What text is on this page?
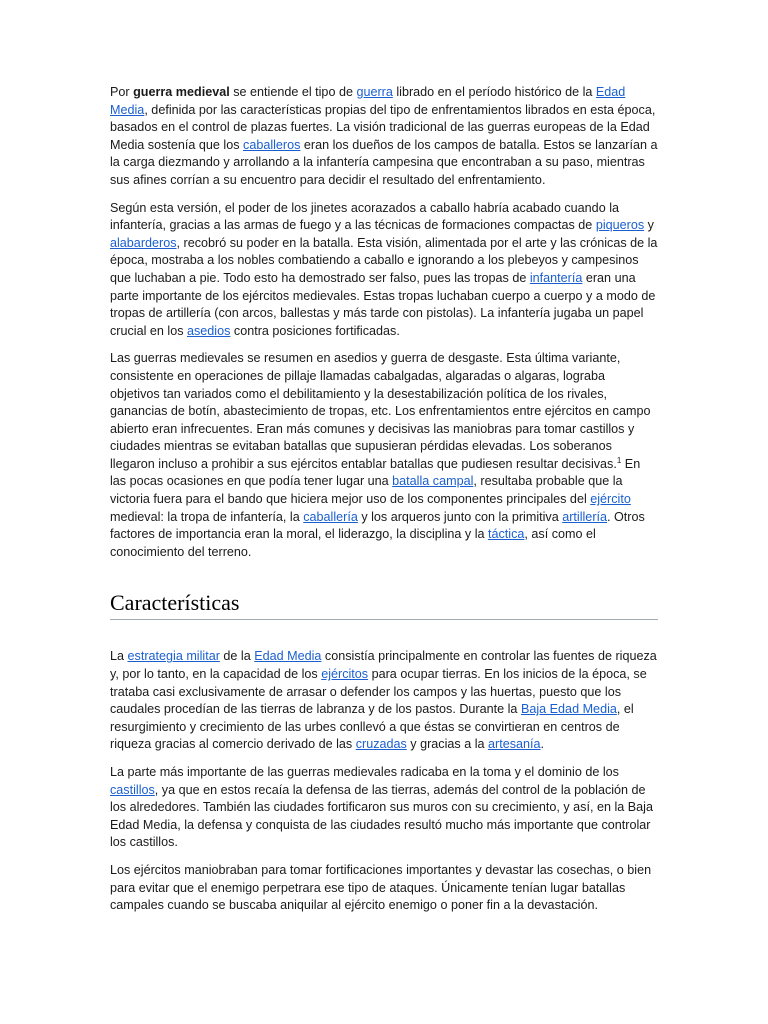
Por guerra medieval se entiende el tipo de guerra librado en el período histórico de la Edad Media, definida por las características propias del tipo de enfrentamientos librados en esta época, basados en el control de plazas fuertes. La visión tradicional de las guerras europeas de la Edad Media sostenía que los caballeros eran los dueños de los campos de batalla. Estos se lanzarían a la carga diezmando y arrollando a la infantería campesina que encontraban a su paso, mientras sus afines corrían a su encuentro para decidir el resultado del enfrentamiento.

Según esta versión, el poder de los jinetes acorazados a caballo habría acabado cuando la infantería, gracias a las armas de fuego y a las técnicas de formaciones compactas de piqueros y alabarderos, recobró su poder en la batalla. Esta visión, alimentada por el arte y las crónicas de la época, mostraba a los nobles combatiendo a caballo e ignorando a los plebeyos y campesinos que luchaban a pie. Todo esto ha demostrado ser falso, pues las tropas de infantería eran una parte importante de los ejércitos medievales. Estas tropas luchaban cuerpo a cuerpo y a modo de tropas de artillería (con arcos, ballestas y más tarde con pistolas). La infantería jugaba un papel crucial en los asedios contra posiciones fortificadas.

Las guerras medievales se resumen en asedios y guerra de desgaste. Esta última variante, consistente en operaciones de pillaje llamadas cabalgadas, algaradas o algaras, lograba objetivos tan variados como el debilitamiento y la desestabilización política de los rivales, ganancias de botín, abastecimiento de tropas, etc. Los enfrentamientos entre ejércitos en campo abierto eran infrecuentes. Eran más comunes y decisivas las maniobras para tomar castillos y ciudades mientras se evitaban batallas que supusieran pérdidas elevadas. Los soberanos llegaron incluso a prohibir a sus ejércitos entablar batallas que pudiesen resultar decisivas.$^1$ En las pocas ocasiones en que podía tener lugar una batalla campal, resultaba probable que la victoria fuera para el bando que hiciera mejor uso de los componentes principales del ejército medieval: la tropa de infantería, la caballería y los arqueros junto con la primitiva artillería. Otros factores de importancia eran la moral, el liderazgo, la disciplina y la táctica, así como el conocimiento del terreno.

Características

La estrategia militar de la Edad Media consistía principalmente en controlar las fuentes de riqueza y, por lo tanto, en la capacidad de los ejércitos para ocupar tierras. En los inicios de la época, se trataba casi exclusivamente de arrasar o defender los campos y las huertas, puesto que los caudales procedían de las tierras de labranza y de los pastos. Durante la Baja Edad Media, el resurgimiento y crecimiento de las urbes conllevó a que éstas se convirtieran en centros de riqueza gracias al comercio derivado de las cruzadas y gracias a la artesanía.

La parte más importante de las guerras medievales radicaba en la toma y el dominio de los castillos, ya que en estos recaía la defensa de las tierras, además del control de la población de los alrededores. También las ciudades fortificaron sus muros con su crecimiento, y así, en la Baja Edad Media, la defensa y conquista de las ciudades resultó mucho más importante que controlar los castillos.

Los ejércitos maniobraban para tomar fortificaciones importantes y devastar las cosechas, o bien para evitar que el enemigo perpetrara ese tipo de ataques. Únicamente tenían lugar batallas campales cuando se buscaba aniquilar al ejército enemigo o poner fin a la devastación.
